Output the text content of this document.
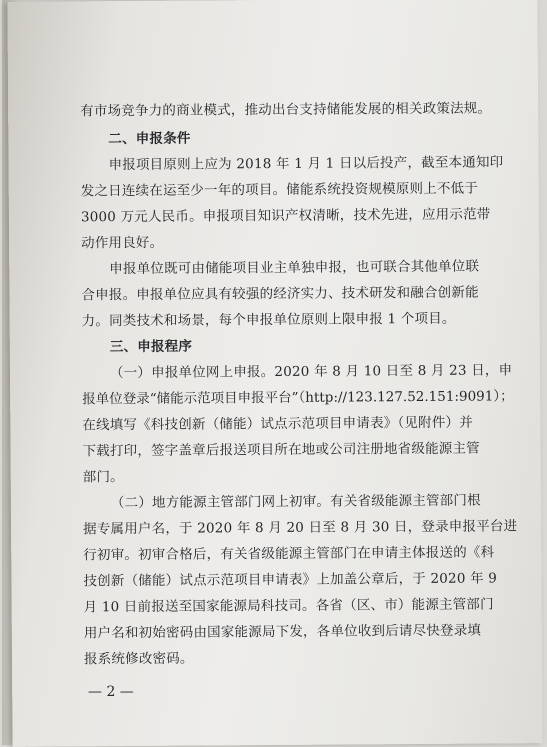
有市场竞争力的商业模式，推动出台支持储能发展的相关政策法规。
二、申报条件
申报项目原则上应为 2018 年 1 月 1 日以后投产，截至本通知印
发之日连续在运至少一年的项目。储能系统投资规模原则上不低于
3000 万元人民币。申报项目知识产权清晰，技术先进，应用示范带
动作用良好。
申报单位既可由储能项目业主单独申报，也可联合其他单位联
合申报。申报单位应具有较强的经济实力、技术研发和融合创新能
力。同类技术和场景，每个申报单位原则上限申报 1 个项目。
三、申报程序
（一）申报单位网上申报。2020 年 8 月 10 日至 8 月 23 日，申
报单位登录“储能示范项目申报平台”（http://123.127.52.151:9091）；
在线填写《科技创新（储能）试点示范项目申请表》（见附件）并
下载打印，签字盖章后报送项目所在地或公司注册地省级能源主管
部门。
（二）地方能源主管部门网上初审。有关省级能源主管部门根
据专属用户名，于 2020 年 8 月 20 日至 8 月 30 日，登录申报平台进
行初审。初审合格后，有关省级能源主管部门在申请主体报送的《科
技创新（储能）试点示范项目申请表》上加盖公章后，于 2020 年 9
月 10 日前报送至国家能源局科技司。各省（区、市）能源主管部门
用户名和初始密码由国家能源局下发，各单位收到后请尽快登录填
报系统修改密码。
— 2 —
